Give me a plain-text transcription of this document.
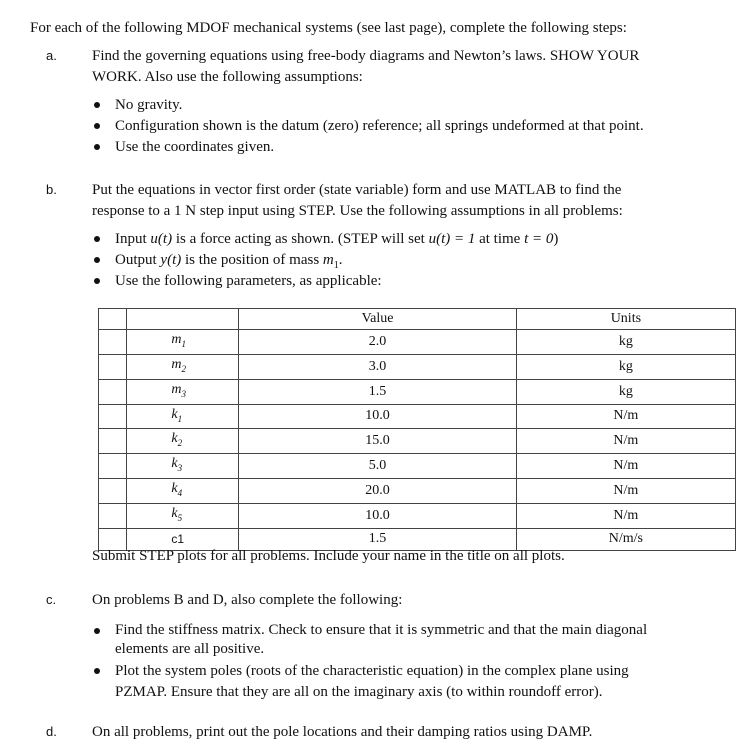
For each of the following MDOF mechanical systems (see last page), complete the following steps:
a. Find the governing equations using free-body diagrams and Newton’s laws. SHOW YOUR
WORK. Also use the following assumptions:
No gravity.
Configuration shown is the datum (zero) reference; all springs undeformed at that point.
Use the coordinates given.
b. Put the equations in vector first order (state variable) form and use MATLAB to find the
response to a 1 N step input using STEP. Use the following assumptions in all problems:
Input u(t) is a force acting as shown. (STEP will set u(t) = 1 at time t = 0)
Output y(t) is the position of mass $m_1$.
Use the following parameters, as applicable:
		Value	Units
	$m_1$	2.0	kg
	$m_2$	3.0	kg
	$m_3$	1.5	kg
	$k_1$	10.0	N/m
	$k_2$	15.0	N/m
	$k_3$	5.0	N/m
	$k_4$	20.0	N/m
	$k_5$	10.0	N/m
	c1	1.5	N/m/s
Submit STEP plots for all problems. Include your name in the title on all plots.
c. On problems B and D, also complete the following:
Find the stiffness matrix. Check to ensure that it is symmetric and that the main diagonal
elements are all positive.
Plot the system poles (roots of the characteristic equation) in the complex plane using
PZMAP. Ensure that they are all on the imaginary axis (to within roundoff error).
d. On all problems, print out the pole locations and their damping ratios using DAMP.
